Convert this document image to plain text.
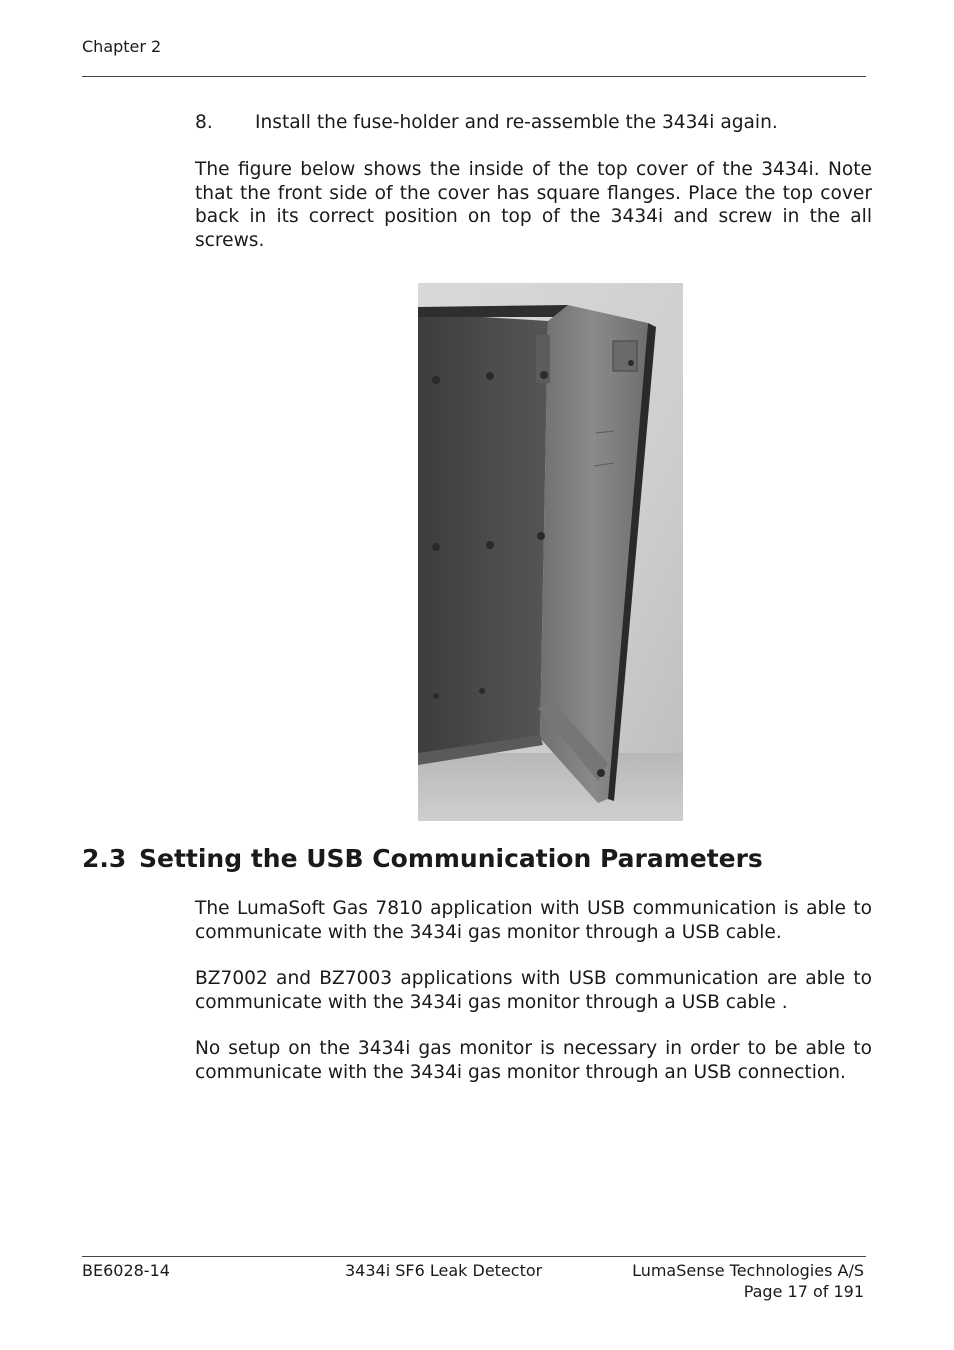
Chapter 2
8. Install the fuse-holder and re-assemble the 3434i again.
The figure below shows the inside of the top cover of the 3434i. Note that the front side of the cover has square flanges. Place the top cover back in its correct position on top of the 3434i and screw in the all screws.
2.3 Setting the USB Communication Parameters
The LumaSoft Gas 7810 application with USB communication is able to communicate with the 3434i gas monitor through a USB cable.
BZ7002 and BZ7003 applications with USB communication are able to communicate with the 3434i gas monitor through a USB cable .
No setup on the 3434i gas monitor is necessary in order to be able to communicate with the 3434i gas monitor through an USB connection.
BE6028-14	3434i SF6 Leak Detector	LumaSense Technologies A/S
Page 17 of 191
